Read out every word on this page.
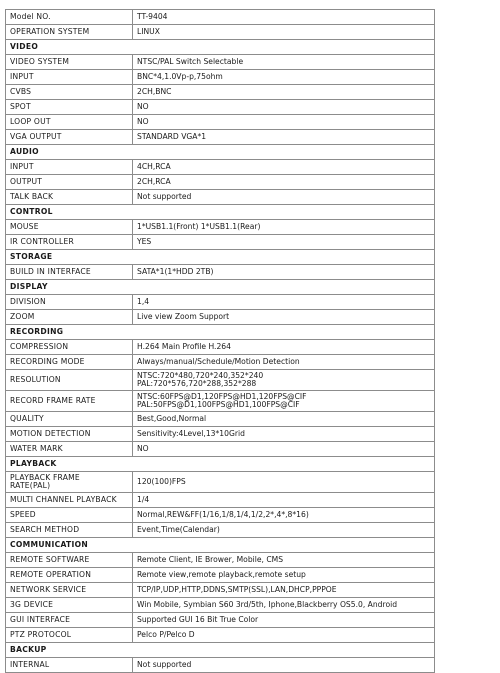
Model NO.	TT-9404
OPERATION SYSTEM	LINUX
VIDEO	
VIDEO SYSTEM	NTSC/PAL Switch Selectable
INPUT	BNC*4,1.0Vp-p,75ohm
CVBS	2CH,BNC
SPOT	NO
LOOP OUT	NO
VGA OUTPUT	STANDARD VGA*1
AUDIO	
INPUT	4CH,RCA
OUTPUT	2CH,RCA
TALK BACK	Not supported
CONTROL	
MOUSE	1*USB1.1(Front) 1*USB1.1(Rear)
IR CONTROLLER	YES
STORAGE	
BUILD IN INTERFACE	SATA*1(1*HDD 2TB)
DISPLAY	
DIVISION	1,4
ZOOM	Live view Zoom Support
RECORDING	
COMPRESSION	H.264 Main Profile H.264
RECORDING MODE	Always/manual/Schedule/Motion Detection
RESOLUTION	NTSC:720*480,720*240,352*240
PAL:720*576,720*288,352*288
RECORD FRAME RATE	NTSC:60FPS@D1,120FPS@HD1,120FPS@CIF
PAL:50FPS@D1,100FPS@HD1,100FPS@CIF
QUALITY	Best,Good,Normal
MOTION DETECTION	Sensitivity:4Level,13*10Grid
WATER MARK	NO
PLAYBACK	
PLAYBACK FRAME
RATE(PAL)	120(100)FPS
MULTI CHANNEL PLAYBACK	1/4
SPEED	Normal,REW&FF(1/16,1/8,1/4,1/2,2*,4*,8*16)
SEARCH METHOD	Event,Time(Calendar)
COMMUNICATION	
REMOTE SOFTWARE	Remote Client, IE Brower, Mobile, CMS
REMOTE OPERATION	Remote view,remote playback,remote setup
NETWORK SERVICE	TCP/IP,UDP,HTTP,DDNS,SMTP(SSL),LAN,DHCP,PPPOE
3G DEVICE	Win Mobile, Symbian S60 3rd/5th, Iphone,Blackberry OS5.0, Android
GUI INTERFACE	Supported GUI 16 Bit True Color
PTZ PROTOCOL	Pelco P/Pelco D
BACKUP	
INTERNAL	Not supported
